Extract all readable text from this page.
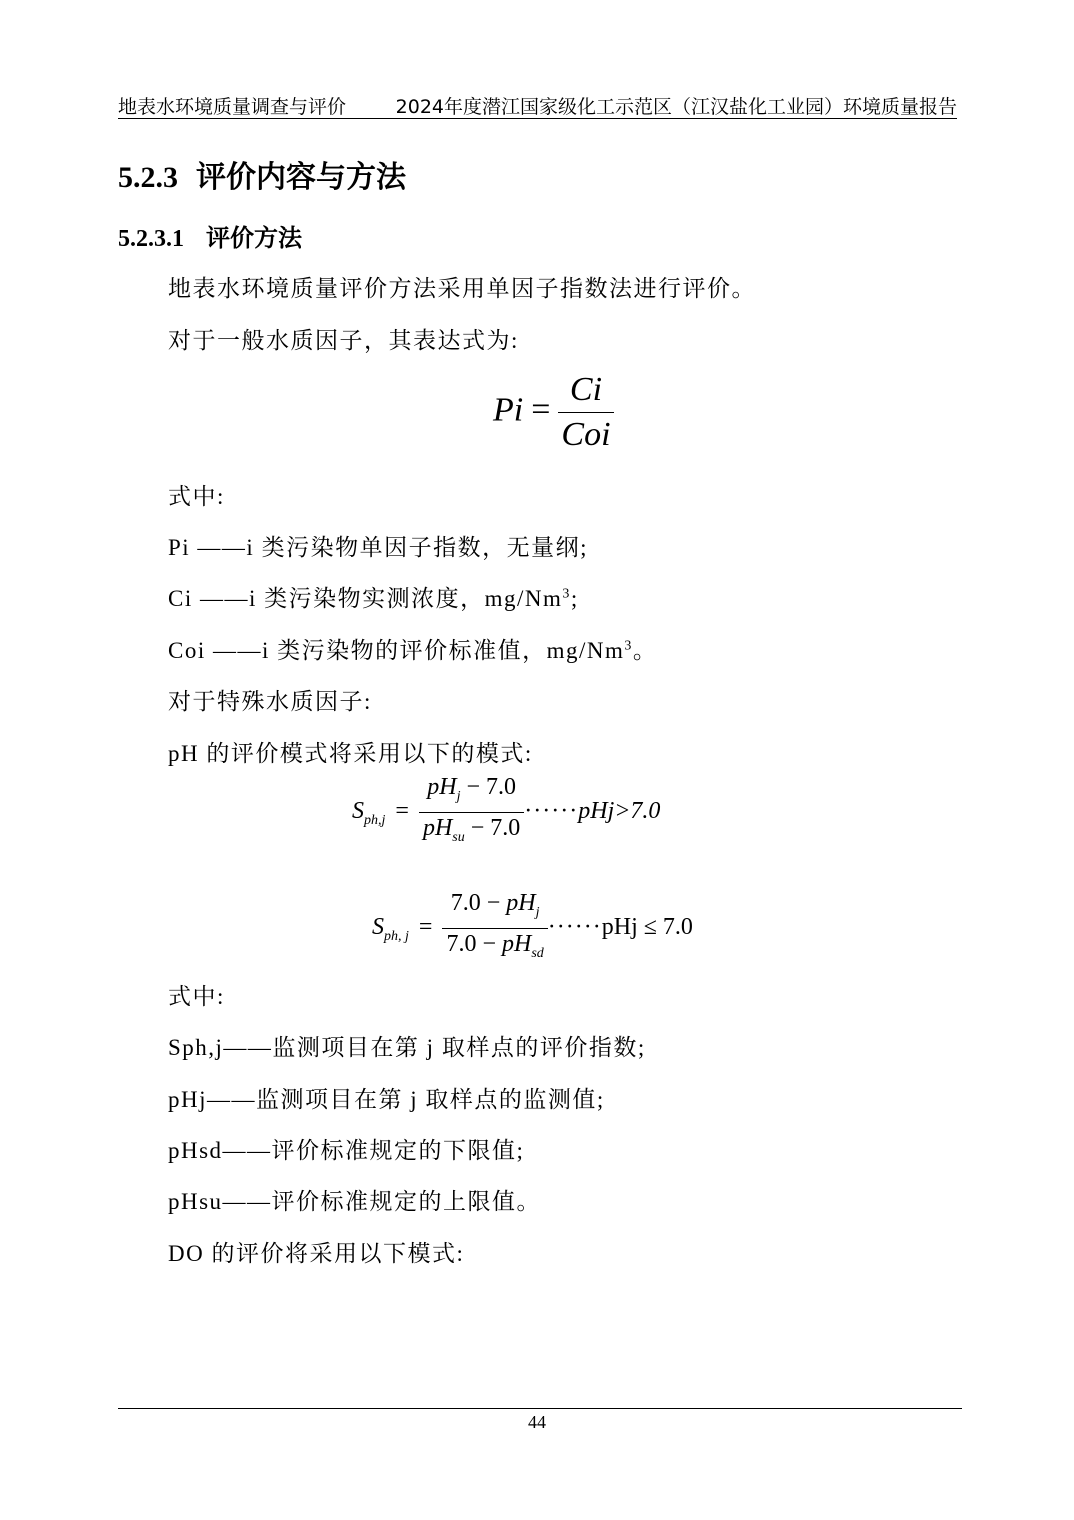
地表水环境质量调查与评价	2024年度潜江国家级化工示范区（江汉盐化工业园）环境质量报告
5.2.3 评价内容与方法
5.2.3.1 评价方法
地表水环境质量评价方法采用单因子指数法进行评价。
对于一般水质因子，其表达式为:
$Pi = \frac{Ci}{\text{Coi}}$
式中:
Pi ——i 类污染物单因子指数，无量纲;
Ci ——i 类污染物实测浓度，mg/Nm$^3$;
Coi ——i 类污染物的评价标准值，mg/Nm$^3$。
对于特殊水质因子:
pH 的评价模式将采用以下的模式:
$S_{ph,j} = \frac{pH_j - 7.0}{pH_{su} - 7.0} \cdot\cdot\cdot\cdot\cdot\cdot pHj>7.0$
$S_{ph, j} = \frac{7.0 - pH_j}{7.0 - pH_{sd}} \cdot\cdot\cdot\cdot\cdot\cdot pHj \le 7.0$
式中:
Sph,j——监测项目在第 j 取样点的评价指数;
pHj——监测项目在第 j 取样点的监测值;
pHsd——评价标准规定的下限值;
pHsu——评价标准规定的上限值。
DO 的评价将采用以下模式:
44
